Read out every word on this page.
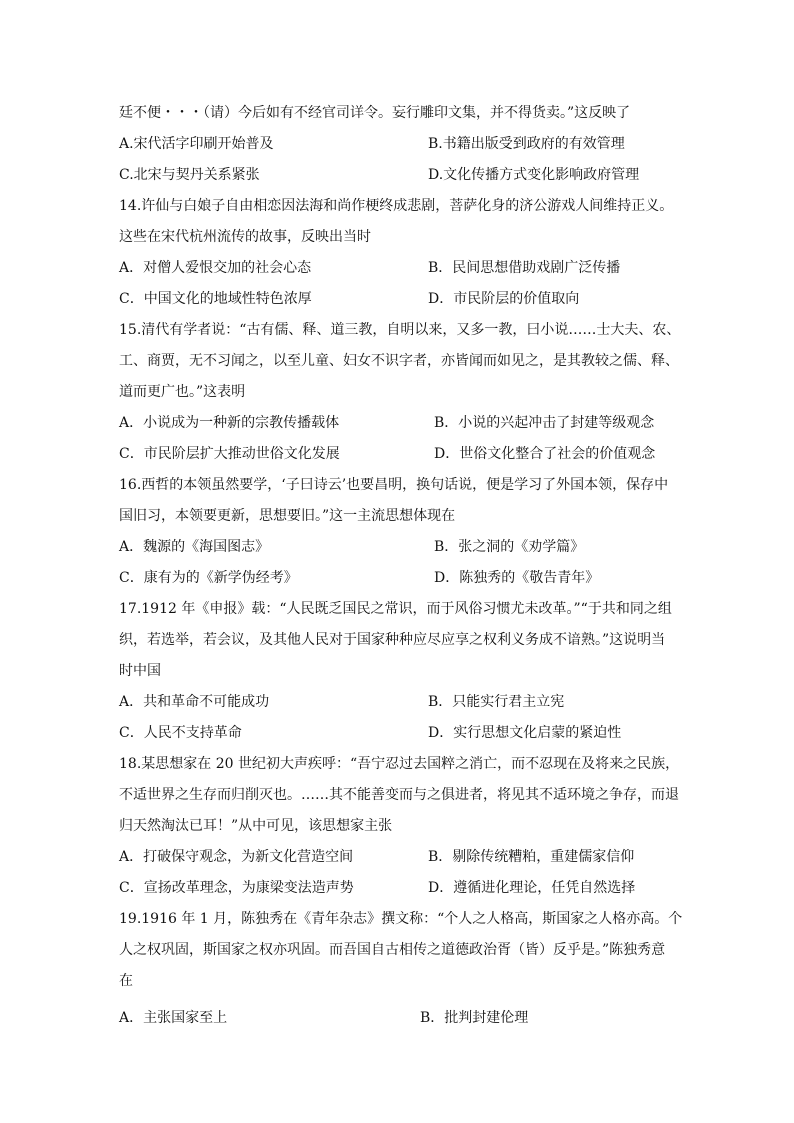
廷不便・・・（请）今后如有不经官司详令。妄行雕印文集，并不得货卖。”这反映了
A.宋代活字印刷开始普及	B.书籍出版受到政府的有效管理
C.北宋与契丹关系紧张	D.文化传播方式变化影响政府管理
14.许仙与白娘子自由相恋因法海和尚作梗终成悲剧，菩萨化身的济公游戏人间维持正义。
这些在宋代杭州流传的故事，反映出当时
A．对僧人爱恨交加的社会心态	B．民间思想借助戏剧广泛传播
C．中国文化的地域性特色浓厚	D．市民阶层的价值取向
15.清代有学者说：“古有儒、释、道三教，自明以来，又多一教，曰小说……士大夫、农、
工、商贾，无不习闻之，以至儿童、妇女不识字者，亦皆闻而如见之，是其教较之儒、释、
道而更广也。”这表明
A．小说成为一种新的宗教传播载体	B．小说的兴起冲击了封建等级观念
C．市民阶层扩大推动世俗文化发展	D．世俗文化整合了社会的价值观念
16.西哲的本领虽然要学，‘子曰诗云’也要昌明，换句话说，便是学习了外国本领，保存中
国旧习，本领要更新，思想要旧。”这一主流思想体现在
A．魏源的《海国图志》	B．张之洞的《劝学篇》
C．康有为的《新学伪经考》	D．陈独秀的《敬告青年》
17.1912 年《申报》载：“人民既乏国民之常识，而于风俗习惯尤未改革。”“于共和同之组
织，若选举，若会议，及其他人民对于国家种种应尽应享之权利义务成不谙熟。”这说明当
时中国
A．共和革命不可能成功	B．只能实行君主立宪
C．人民不支持革命	D．实行思想文化启蒙的紧迫性
18.某思想家在 20 世纪初大声疾呼：“吾宁忍过去国粹之消亡，而不忍现在及将来之民族，
不适世界之生存而归削灭也。……其不能善变而与之俱进者，将见其不适环境之争存，而退
归天然淘汰已耳！”从中可见，该思想家主张
A．打破保守观念，为新文化营造空间	B．剔除传统糟粕，重建儒家信仰
C．宣扬改革理念，为康梁变法造声势	D．遵循进化理论，任凭自然选择
19.1916 年 1 月，陈独秀在《青年杂志》撰文称：“个人之人格高，斯国家之人格亦高。个
人之权巩固，斯国家之权亦巩固。而吾国自古相传之道德政治胥（皆）反乎是。”陈独秀意
在
A．主张国家至上	B．批判封建伦理
